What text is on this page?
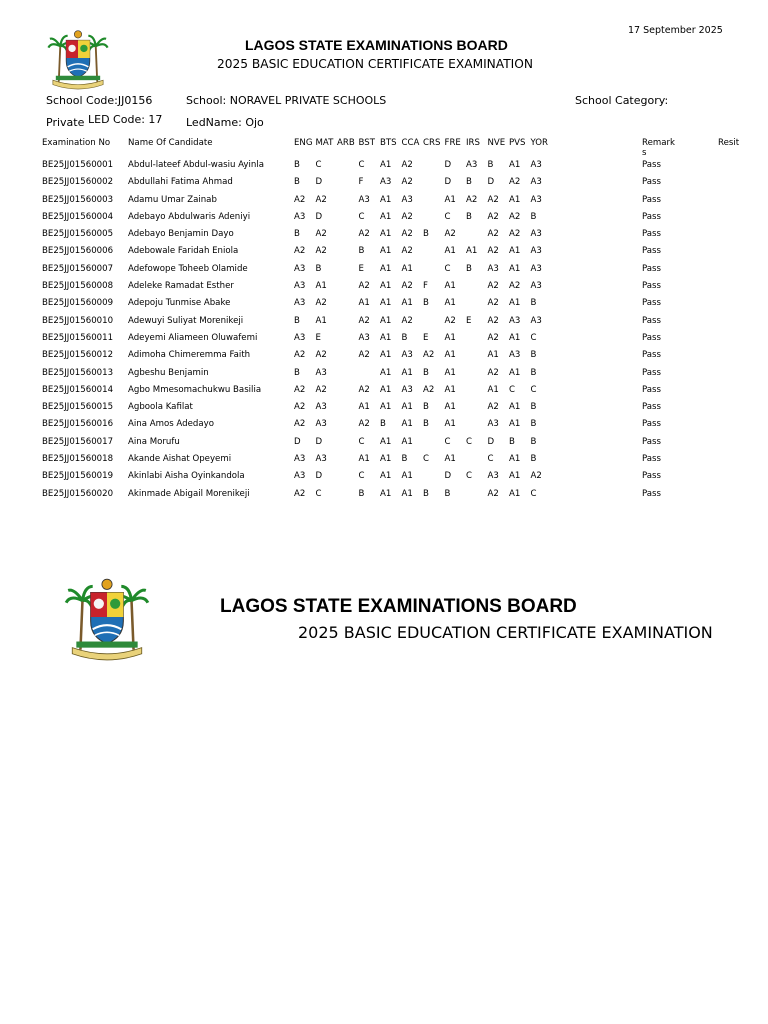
17 September 2025
LAGOS STATE EXAMINATIONS BOARD
2025 BASIC EDUCATION CERTIFICATE EXAMINATION
School Code:JJ0156	School: NORAVEL PRIVATE SCHOOLS	School Category:
Private LED Code: 17 LedName: Ojo
Examination No	Name Of Candidate	ENG	MAT	ARB	BST	BTS	CCA	CRS	FRE	IRS	NVE	PVS	YOR		Remark
s	Resit
BE25JJ01560001	Abdul-lateef Abdul-wasiu Ayinla	B	C		C	A1	A2		D	A3	B	A1	A3		Pass	
BE25JJ01560002	Abdullahi Fatima Ahmad	B	D		F	A3	A2		D	B	D	A2	A3		Pass	
BE25JJ01560003	Adamu Umar Zainab	A2	A2		A3	A1	A3		A1	A2	A2	A1	A3		Pass	
BE25JJ01560004	Adebayo Abdulwaris Adeniyi	A3	D		C	A1	A2		C	B	A2	A2	B		Pass	
BE25JJ01560005	Adebayo Benjamin Dayo	B	A2		A2	A1	A2	B	A2		A2	A2	A3		Pass	
BE25JJ01560006	Adebowale Faridah Eniola	A2	A2		B	A1	A2		A1	A1	A2	A1	A3		Pass	
BE25JJ01560007	Adefowope Toheeb Olamide	A3	B		E	A1	A1		C	B	A3	A1	A3		Pass	
BE25JJ01560008	Adeleke Ramadat Esther	A3	A1		A2	A1	A2	F	A1		A2	A2	A3		Pass	
BE25JJ01560009	Adepoju Tunmise Abake	A3	A2		A1	A1	A1	B	A1		A2	A1	B		Pass	
BE25JJ01560010	Adewuyi Suliyat Morenikeji	B	A1		A2	A1	A2		A2	E	A2	A3	A3		Pass	
BE25JJ01560011	Adeyemi Aliameen Oluwafemi	A3	E		A3	A1	B	E	A1		A2	A1	C		Pass	
BE25JJ01560012	Adimoha Chimeremma Faith	A2	A2		A2	A1	A3	A2	A1		A1	A3	B		Pass	
BE25JJ01560013	Agbeshu Benjamin	B	A3			A1	A1	B	A1		A2	A1	B		Pass	
BE25JJ01560014	Agbo Mmesomachukwu Basilia	A2	A2		A2	A1	A3	A2	A1		A1	C	C		Pass	
BE25JJ01560015	Agboola Kafilat	A2	A3		A1	A1	A1	B	A1		A2	A1	B		Pass	
BE25JJ01560016	Aina Amos Adedayo	A2	A3		A2	B	A1	B	A1		A3	A1	B		Pass	
BE25JJ01560017	Aina Morufu	D	D		C	A1	A1		C	C	D	B	B		Pass	
BE25JJ01560018	Akande Aishat Opeyemi	A3	A3		A1	A1	B	C	A1		C	A1	B		Pass	
BE25JJ01560019	Akinlabi Aisha Oyinkandola	A3	D		C	A1	A1		D	C	A3	A1	A2		Pass	
BE25JJ01560020	Akinmade Abigail Morenikeji	A2	C		B	A1	A1	B	B		A2	A1	C		Pass	
LAGOS STATE EXAMINATIONS BOARD
2025 BASIC EDUCATION CERTIFICATE EXAMINATION
